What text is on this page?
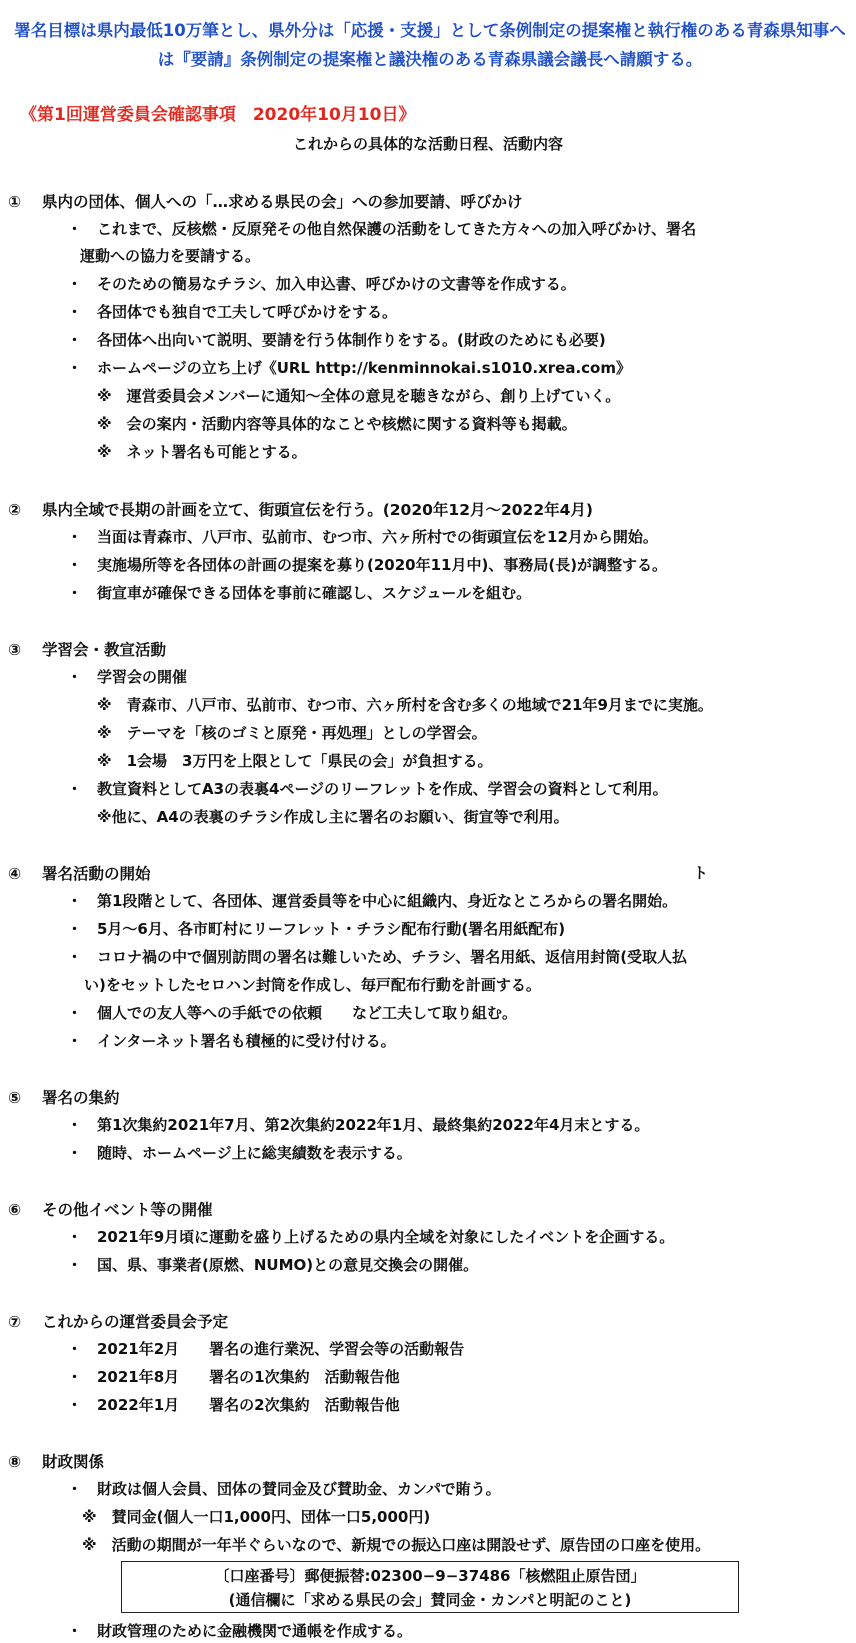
署名目標は県内最低10万筆とし、県外分は「応援・支援」として条例制定の提案権と執行権のある青森県知事へは『要請』条例制定の提案権と議決権のある青森県議会議長へ請願する。
《第1回運営委員会確認事項　2020年10月10日》
これからの具体的な活動日程、活動内容
① 県内の団体、個人への「…求める県民の会」への参加要請、呼びかけ
・ これまで、反核燃・反原発その他自然保護の活動をしてきた方々への加入呼びかけ、署名
運動への協力を要請する。
・ そのための簡易なチラシ、加入申込書、呼びかけの文書等を作成する。
・ 各団体でも独自で工夫して呼びかけをする。
・ 各団体へ出向いて説明、要請を行う体制作りをする。(財政のためにも必要)
・ ホームページの立ち上げ《URL http://kenminnokai.s1010.xrea.com》
※　運営委員会メンバーに通知〜全体の意見を聴きながら、創り上げていく。
※　会の案内・活動内容等具体的なことや核燃に関する資料等も掲載。
※　ネット署名も可能とする。
② 県内全域で長期の計画を立て、街頭宣伝を行う。(2020年12月〜2022年4月)
・ 当面は青森市、八戸市、弘前市、むつ市、六ヶ所村での街頭宣伝を12月から開始。
・ 実施場所等を各団体の計画の提案を募り(2020年11月中)、事務局(長)が調整する。
・ 街宣車が確保できる団体を事前に確認し、スケジュールを組む。
③ 学習会・教宣活動
・ 学習会の開催
※　青森市、八戸市、弘前市、むつ市、六ヶ所村を含む多くの地域で21年9月までに実施。
※　テーマを「核のゴミと原発・再処理」としの学習会。
※　1会場　3万円を上限として「県民の会」が負担する。
・ 教宣資料としてA3の表裏4ページのリーフレットを作成、学習会の資料として利用。
※他に、A4の表裏のチラシ作成し主に署名のお願い、街宣等で利用。
④ 署名活動の開始	ト
・ 第1段階として、各団体、運営委員等を中心に組織内、身近なところからの署名開始。
・ 5月〜6月、各市町村にリーフレット・チラシ配布行動(署名用紙配布)
・ コロナ禍の中で個別訪問の署名は難しいため、チラシ、署名用紙、返信用封筒(受取人払
い)をセットしたセロハン封筒を作成し、毎戸配布行動を計画する。
・ 個人での友人等への手紙での依頼　　など工夫して取り組む。
・ インターネット署名も積極的に受け付ける。
⑤ 署名の集約
・ 第1次集約2021年7月、第2次集約2022年1月、最終集約2022年4月末とする。
・ 随時、ホームページ上に総実績数を表示する。
⑥ その他イベント等の開催
・ 2021年9月頃に運動を盛り上げるための県内全域を対象にしたイベントを企画する。
・ 国、県、事業者(原燃、NUMO)との意見交換会の開催。
⑦ これからの運営委員会予定
・ 2021年2月　　署名の進行業況、学習会等の活動報告
・ 2021年8月　　署名の1次集約　活動報告他
・ 2022年1月　　署名の2次集約　活動報告他
⑧ 財政関係
・ 財政は個人会員、団体の賛同金及び賛助金、カンパで賄う。
※　賛同金(個人一口1,000円、団体一口5,000円)
※　活動の期間が一年半ぐらいなので、新規での振込口座は開設せず、原告団の口座を使用。
〔口座番号〕郵便振替:02300−9−37486「核燃阻止原告団」
(通信欄に「求める県民の会」賛同金・カンパと明記のこと)
・ 財政管理のために金融機関で通帳を作成する。
